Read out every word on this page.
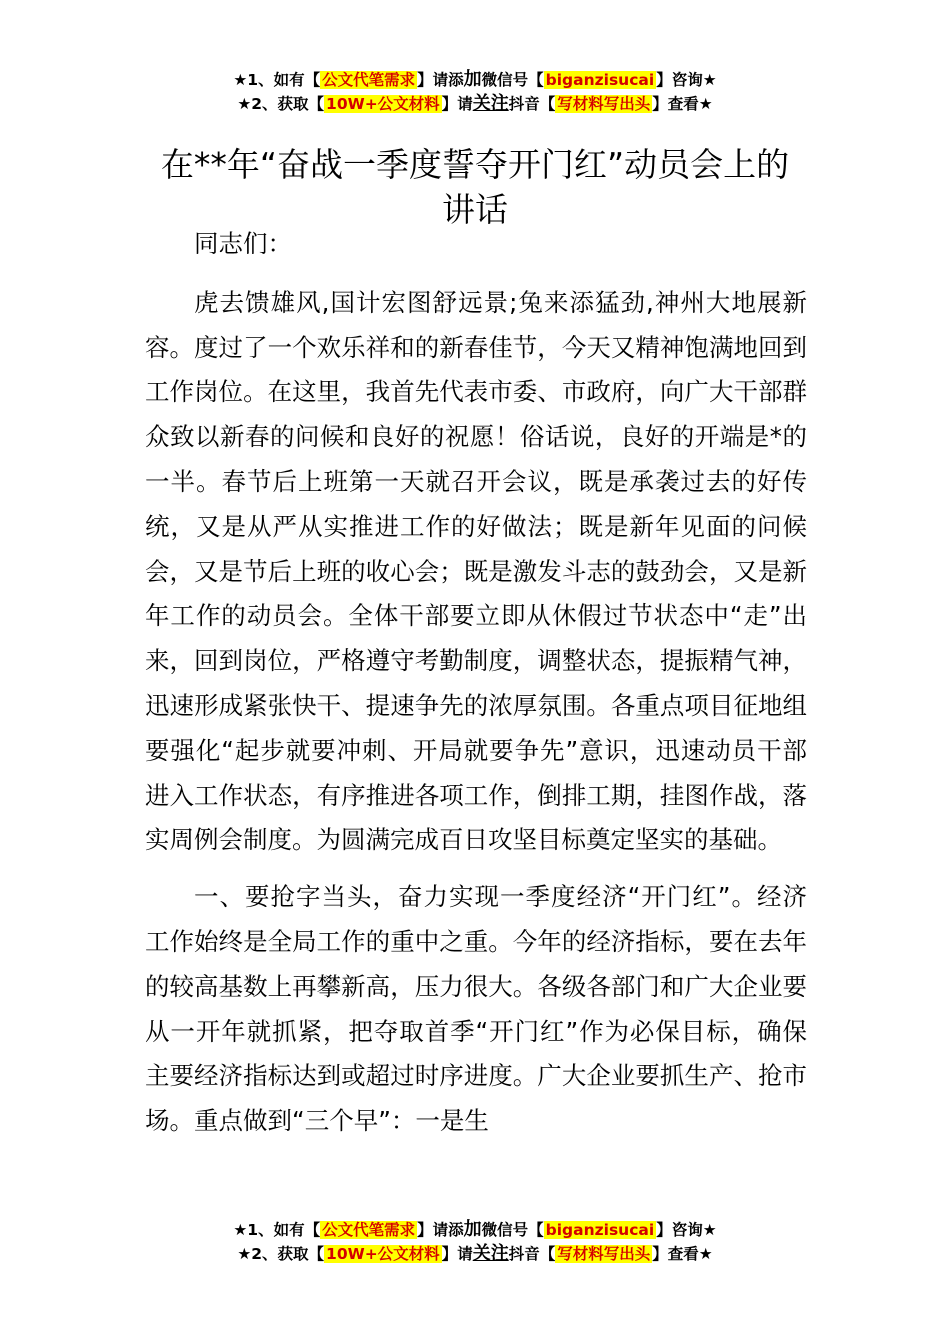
★1、如有【 公文代笔需求 】请添加微信号【 biganzisucai 】咨询★
★2、获取【 10W+公文材料 】请关注抖音【 写材料写出头 】查看★
在**年“奋战一季度誓夺开门红”动员会上的讲话

同志们：

虎去馈雄风,国计宏图舒远景;兔来添猛劲,神州大地展新容。度过了一个欢乐祥和的新春佳节，今天又精神饱满地回到工作岗位。在这里，我首先代表市委、市政府，向广大干部群众致以新春的问候和良好的祝愿！俗话说，良好的开端是*的一半。春节后上班第一天就召开会议，既是承袭过去的好传统，又是从严从实推进工作的好做法；既是新年见面的问候会，又是节后上班的收心会；既是激发斗志的鼓劲会，又是新年工作的动员会。全体干部要立即从休假过节状态中“走”出来，回到岗位，严格遵守考勤制度，调整状态，提振精气神，迅速形成紧张快干、提速争先的浓厚氛围。各重点项目征地组要强化“起步就要冲刺、开局就要争先”意识，迅速动员干部进入工作状态，有序推进各项工作，倒排工期，挂图作战，落实周例会制度。为圆满完成百日攻坚目标奠定坚实的基础。

一、要抢字当头，奋力实现一季度经济“开门红”。经济工作始终是全局工作的重中之重。今年的经济指标，要在去年的较高基数上再攀新高，压力很大。各级各部门和广大企业要从一开年就抓紧，把夺取首季“开门红”作为必保目标，确保主要经济指标达到或超过时序进度。广大企业要抓生产、抢市场。重点做到“三个早”：一是生

★1、如有【 公文代笔需求 】请添加微信号【 biganzisucai 】咨询★
★2、获取【 10W+公文材料 】请关注抖音【 写材料写出头 】查看★
